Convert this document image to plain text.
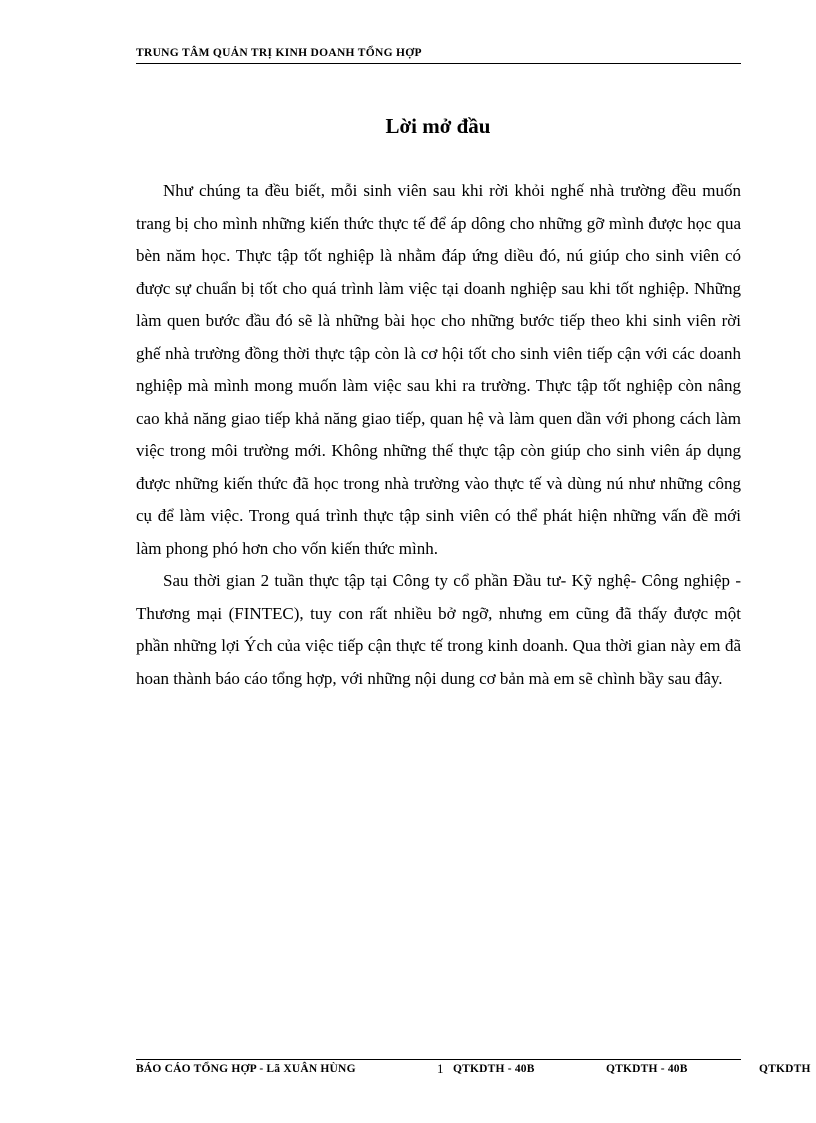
TRUNG TÂM QUẢN TRỊ KINH DOANH TỔNG HỢP
Lời mở đầu

Như chúng ta đều biết, mỗi sinh viên sau khi rời khỏi nghế nhà trường đều muốn trang bị cho mình những kiến thức thực tế để áp dông cho những gỡ mình được học qua bèn năm học. Thực tập tốt nghiệp là nhằm đáp ứng diều đó, nú giúp cho sinh viên có được sự chuẩn bị tốt cho quá trình làm việc tại doanh nghiệp sau khi tốt nghiệp. Những làm quen bước đầu đó sẽ là những bài học cho những bước tiếp theo khi sinh viên rời ghế nhà trường đồng thời thực tập còn là cơ hội tốt cho sinh viên tiếp cận với các doanh nghiệp mà mình mong muốn làm việc sau khi ra trường. Thực tập tốt nghiệp còn nâng cao khả năng giao tiếp khả năng giao tiếp, quan hệ và làm quen dần với phong cách làm việc trong môi trường mới. Không những thế thực tập còn giúp cho sinh viên áp dụng được những kiến thức đã học trong nhà trường vào thực tế và dùng nú như những công cụ để làm việc. Trong quá trình thực tập sinh viên có thể phát hiện những vấn đề mới làm phong phó hơn cho vốn kiến thức mình.

Sau thời gian 2 tuần thực tập tại Công ty cổ phần Đầu tư- Kỹ nghệ- Công nghiệp - Thương mại (FINTEC), tuy con rất nhiều bở ngỡ, nhưng em cũng đã thấy được một phần những lợi Ých của việc tiếp cận thực tế trong kinh doanh. Qua thời gian này em đã hoan thành báo cáo tổng hợp, với những nội dung cơ bản mà em sẽ chình bầy sau đây.

BÁO CÁO TỔNG HỢP - Lã XUÂN HÙNG	1 QTKDTH - 40B	QTKDTH - 40B	QTKDTH
